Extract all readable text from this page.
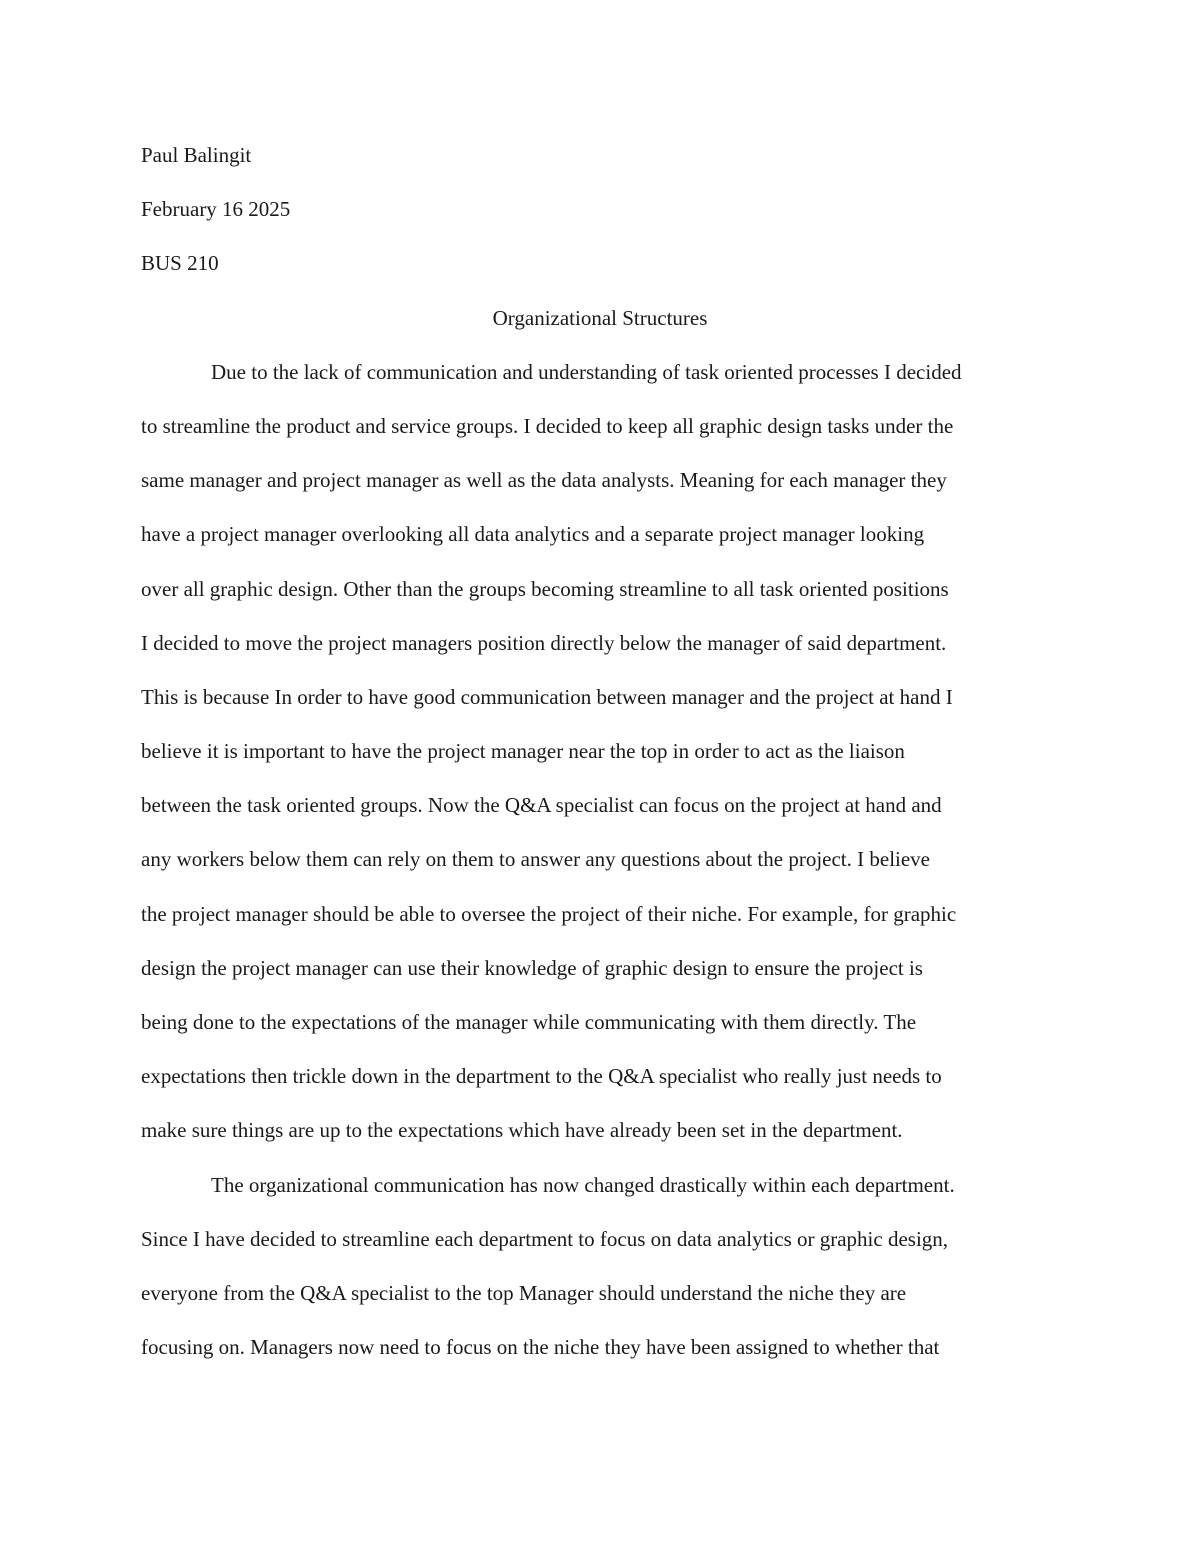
Paul Balingit
February 16 2025
BUS 210
Organizational Structures
Due to the lack of communication and understanding of task oriented processes I decided
to streamline the product and service groups. I decided to keep all graphic design tasks under the
same manager and project manager as well as the data analysts. Meaning for each manager they
have a project manager overlooking all data analytics and a separate project manager looking
over all graphic design. Other than the groups becoming streamline to all task oriented positions
I decided to move the project managers position directly below the manager of said department.
This is because In order to have good communication between manager and the project at hand I
believe it is important to have the project manager near the top in order to act as the liaison
between the task oriented groups. Now the Q&A specialist can focus on the project at hand and
any workers below them can rely on them to answer any questions about the project. I believe
the project manager should be able to oversee the project of their niche. For example, for graphic
design the project manager can use their knowledge of graphic design to ensure the project is
being done to the expectations of the manager while communicating with them directly. The
expectations then trickle down in the department to the Q&A specialist who really just needs to
make sure things are up to the expectations which have already been set in the department.
The organizational communication has now changed drastically within each department.
Since I have decided to streamline each department to focus on data analytics or graphic design,
everyone from the Q&A specialist to the top Manager should understand the niche they are
focusing on. Managers now need to focus on the niche they have been assigned to whether that
